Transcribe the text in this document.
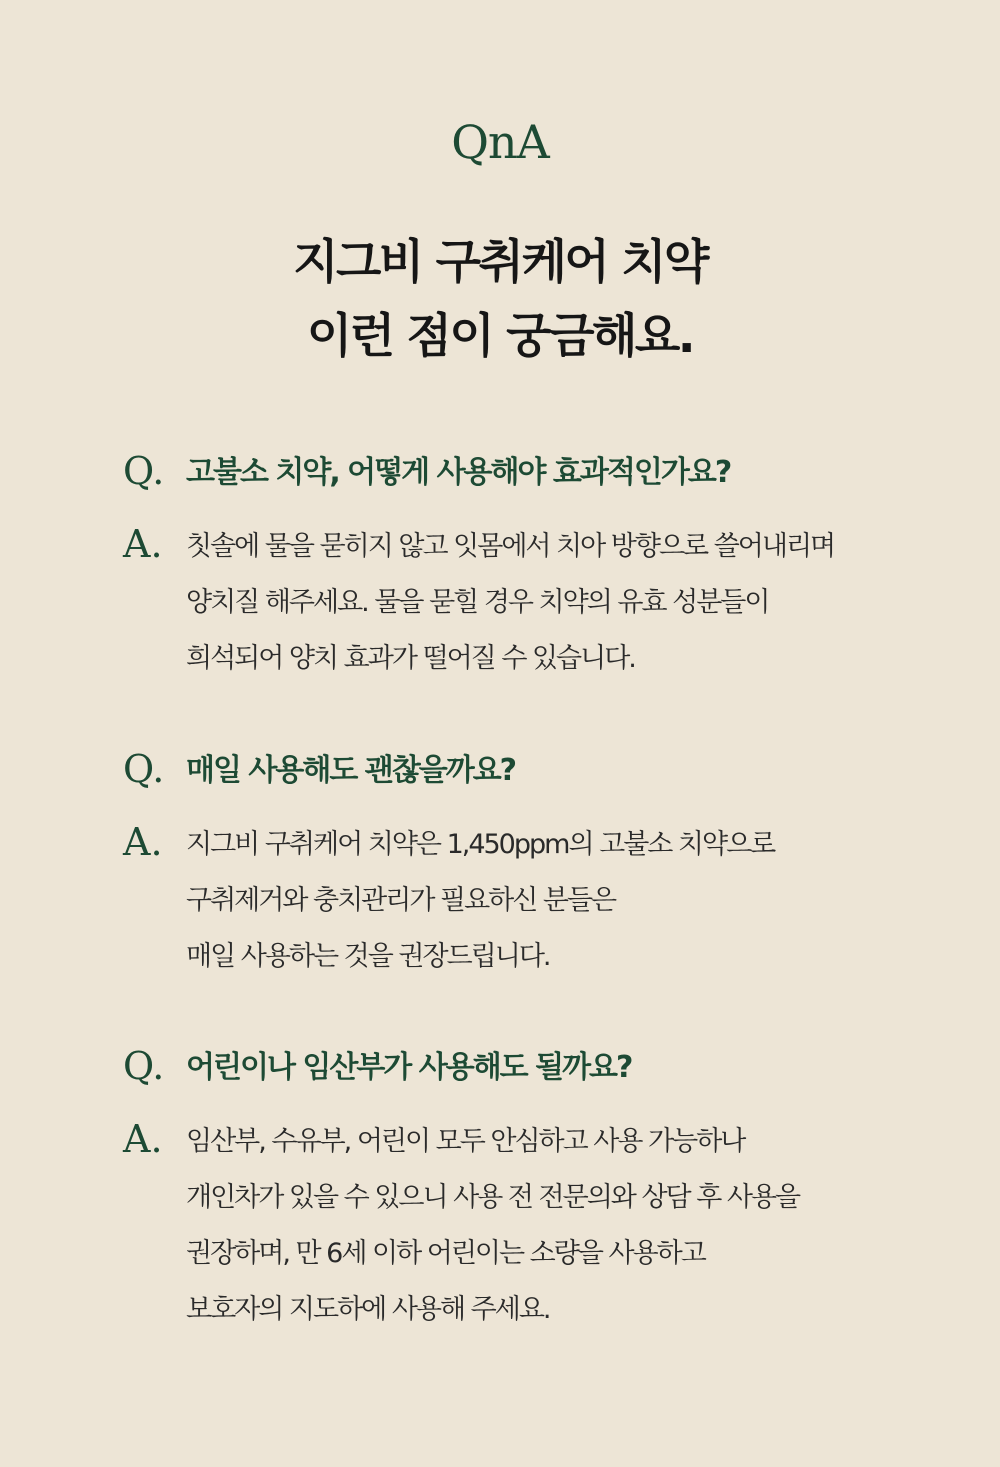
QnA
지그비 구취케어 치약
이런 점이 궁금해요.
Q. 고불소 치약, 어떻게 사용해야 효과적인가요?
A. 칫솔에 물을 묻히지 않고 잇몸에서 치아 방향으로 쓸어내리며
양치질 해주세요. 물을 묻힐 경우 치약의 유효 성분들이
희석되어 양치 효과가 떨어질 수 있습니다.
Q. 매일 사용해도 괜찮을까요?
A. 지그비 구취케어 치약은 1,450ppm의 고불소 치약으로
구취제거와 충치관리가 필요하신 분들은
매일 사용하는 것을 권장드립니다.
Q. 어린이나 임산부가 사용해도 될까요?
A. 임산부, 수유부, 어린이 모두 안심하고 사용 가능하나
개인차가 있을 수 있으니 사용 전 전문의와 상담 후 사용을
권장하며, 만 6세 이하 어린이는 소량을 사용하고
보호자의 지도하에 사용해 주세요.
